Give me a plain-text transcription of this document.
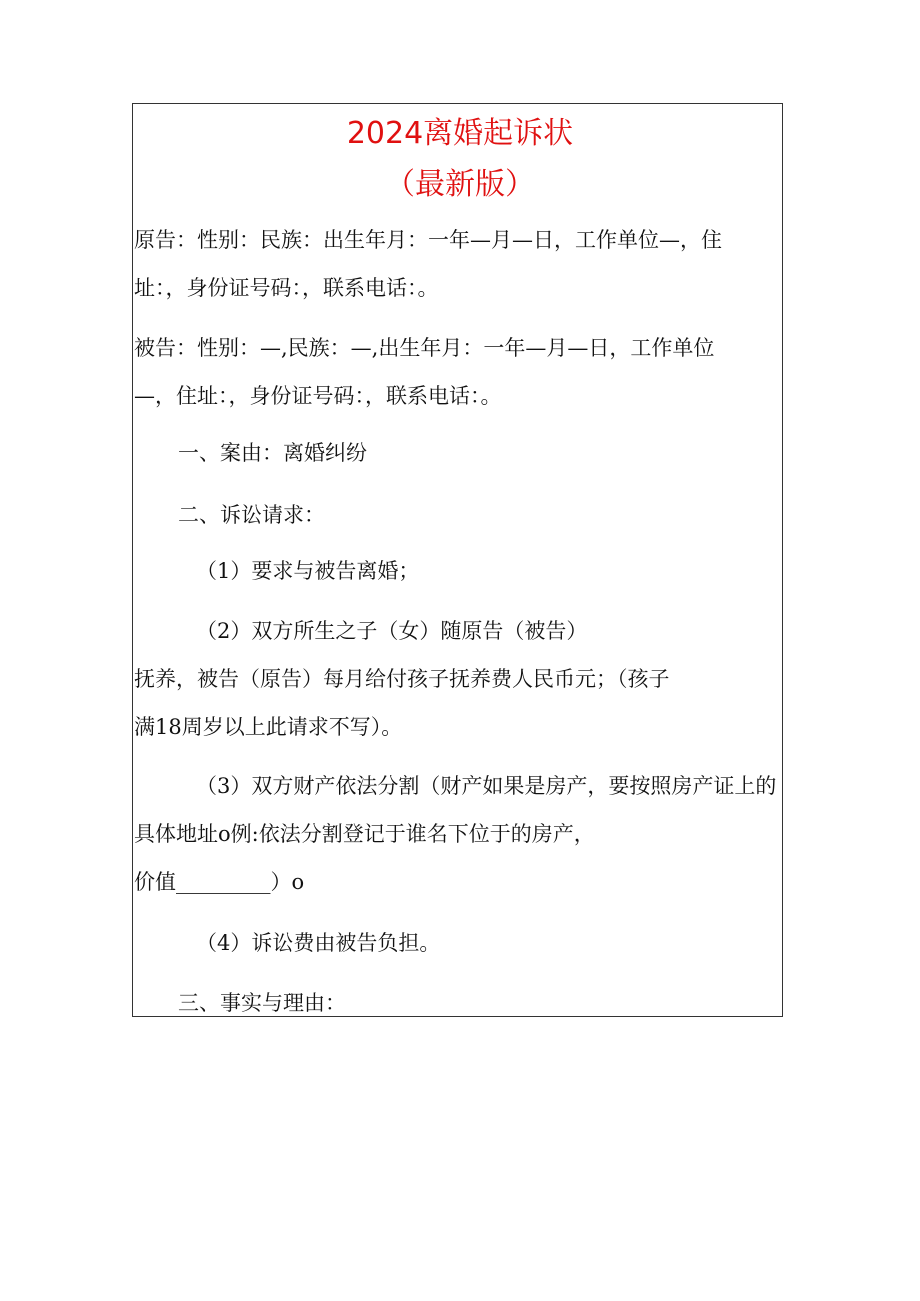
2024离婚起诉状
（最新版）
原告：性别：民族：出生年月：一年—月—日，工作单位—，住
址：，身份证号码：，联系电话：。
被告：性别：—,民族：—,出生年月：一年—月—日，工作单位
—，住址：，身份证号码：，联系电话：。
一、案由：离婚纠纷
二、诉讼请求：
（1）要求与被告离婚；
（2）双方所生之子（女）随原告（被告）
抚养，被告（原告）每月给付孩子抚养费人民币元；（孩子
满18周岁以上此请求不写）。
（3）双方财产依法分割（财产如果是房产，要按照房产证上的
具体地址o例:依法分割登记于谁名下位于的房产，
价值_________）o
（4）诉讼费由被告负担。
三、事实与理由：
